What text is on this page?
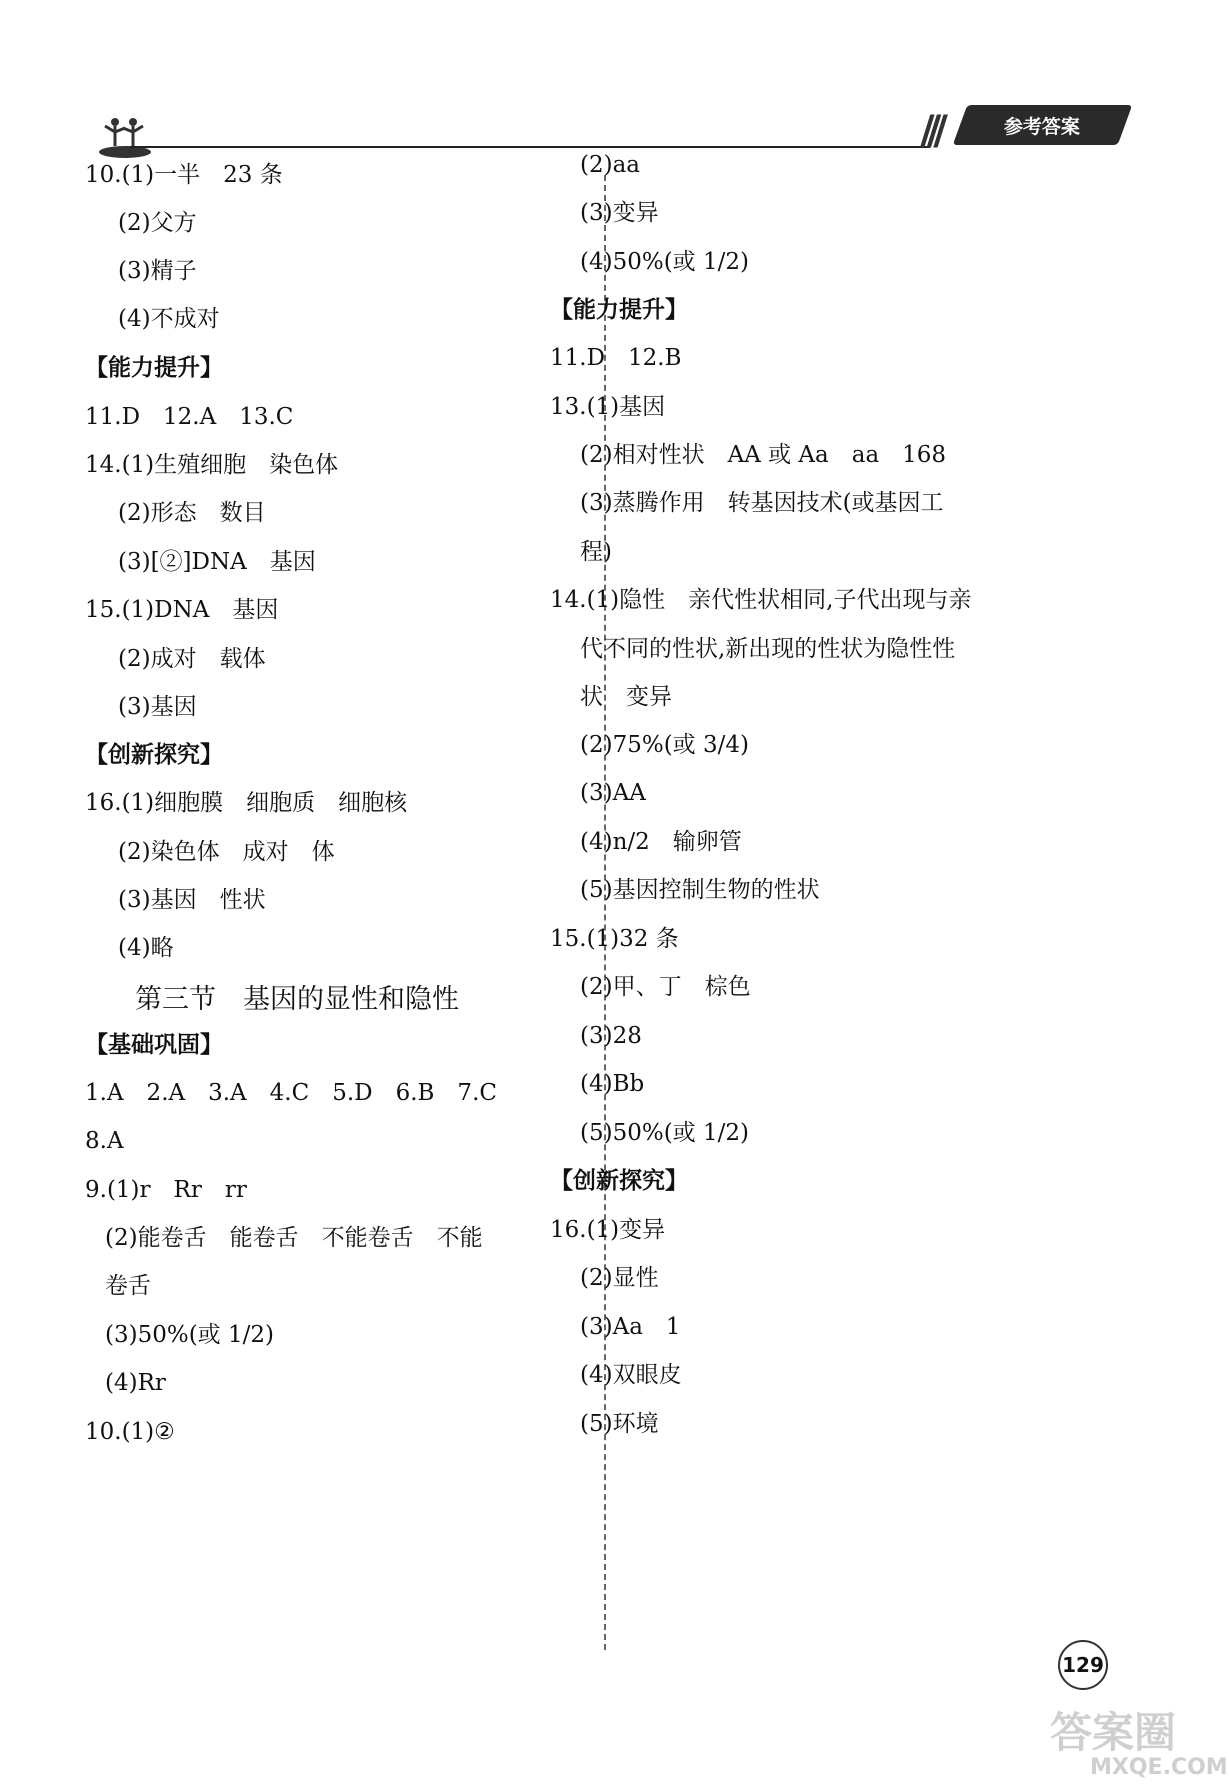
///	参考答案
10.(1)一半　23 条
　(2)父方
　(3)精子
　(4)不成对
【能力提升】
11.D　12.A　13.C
14.(1)生殖细胞　染色体
　(2)形态　数目
　(3)[②]DNA　基因
15.(1)DNA　基因
　(2)成对　载体
　(3)基因
【创新探究】
16.(1)细胞膜　细胞质　细胞核
　(2)染色体　成对　体
　(3)基因　性状
　(4)略
第三节　基因的显性和隐性
【基础巩固】
1.A　2.A　3.A　4.C　5.D　6.B　7.C
8.A
9.(1)r　Rr　rr
(2)能卷舌　能卷舌　不能卷舌　不能
卷舌
(3)50%(或 1/2)
(4)Rr
10.(1)②
(2)aa
(3)变异
(4)50%(或 1/2)
【能力提升】
11.D　12.B
13.(1)基因
(2)相对性状　AA 或 Aa　aa　168
(3)蒸腾作用　转基因技术(或基因工
程)
14.(1)隐性　亲代性状相同,子代出现与亲
代不同的性状,新出现的性状为隐性性
状　变异
(2)75%(或 3/4)
(3)AA
(4)n/2　输卵管
(5)基因控制生物的性状
15.(1)32 条
(2)甲、丁　棕色
(3)28
(4)Bb
(5)50%(或 1/2)
【创新探究】
16.(1)变异
(2)显性
(3)Aa　1
(4)双眼皮
(5)环境
129
答案圈
MXQE.COM
